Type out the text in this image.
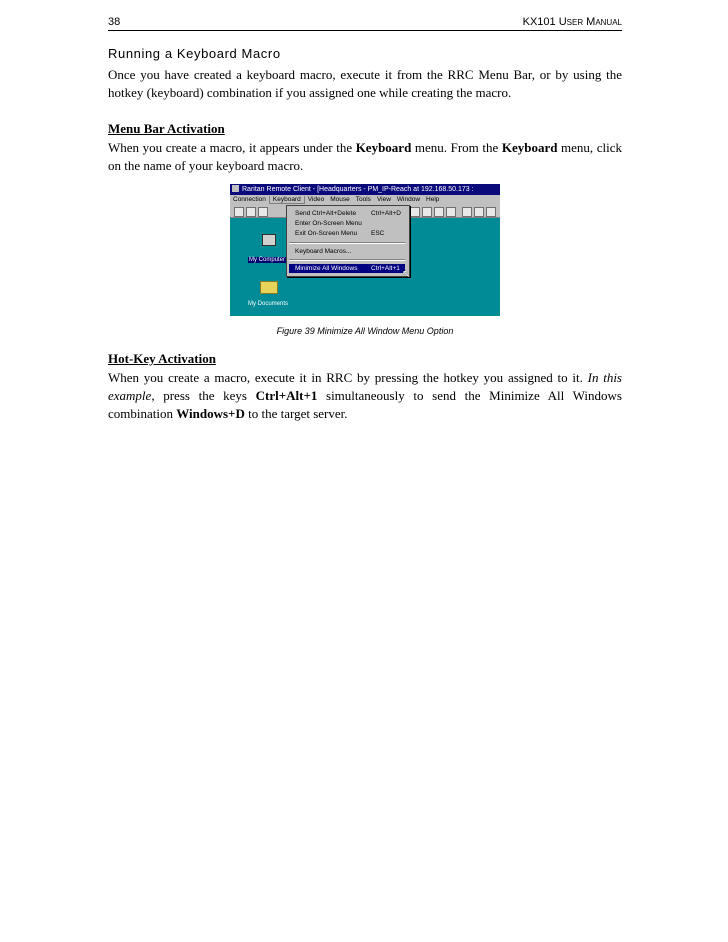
38	KX101 User Manual
Running a Keyboard Macro

Once you have created a keyboard macro, execute it from the RRC Menu Bar, or by using the hotkey (keyboard) combination if you assigned one while creating the macro.

Menu Bar Activation

When you create a macro, it appears under the Keyboard menu. From the Keyboard menu, click on the name of your keyboard macro.

Raritan Remote Client - [Headquarters - PM_IP-Reach at 192.168.50.173 :
Connection Keyboard Video Mouse Tools View Window Help
My Computer
My Documents
Send Ctrl+Alt+Delete Ctrl+Alt+D
Enter On-Screen Menu
Exit On-Screen Menu ESC
Keyboard Macros...
Minimize All Windows Ctrl+Alt+1
↖
Figure 39 Minimize All Window Menu Option
Hot-Key Activation

When you create a macro, execute it in RRC by pressing the hotkey you assigned to it. In this example, press the keys Ctrl+Alt+1 simultaneously to send the Minimize All Windows combination Windows+D to the target server.
